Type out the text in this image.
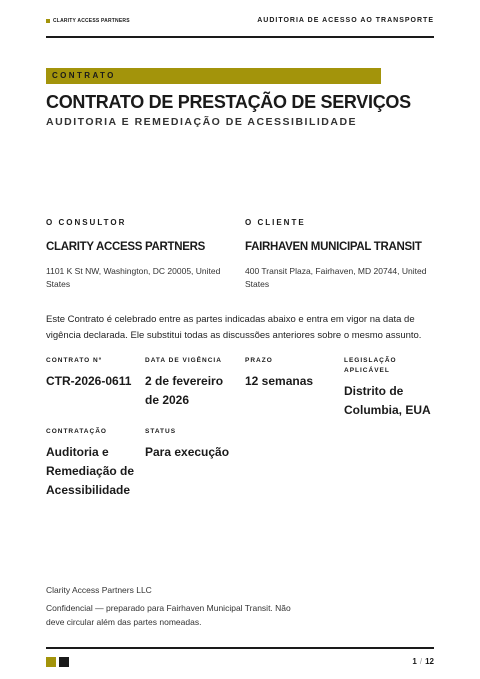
CLARITY ACCESS PARTNERS	AUDITORIA DE ACESSO AO TRANSPORTE
CONTRATO
CONTRATO DE PRESTAÇÃO DE SERVIÇOS
AUDITORIA E REMEDIAÇÃO DE ACESSIBILIDADE
O CONSULTOR
CLARITY ACCESS PARTNERS
1101 K St NW, Washington, DC 20005, United States
O CLIENTE
FAIRHAVEN MUNICIPAL TRANSIT
400 Transit Plaza, Fairhaven, MD 20744, United States

Este Contrato é celebrado entre as partes indicadas abaixo e entra em vigor na data de vigência declarada. Ele substitui todas as discussões anteriores sobre o mesmo assunto.

CONTRATO Nº
CTR-2026-0611
DATA DE VIGÊNCIA
2 de fevereiro de 2026
PRAZO
12 semanas
LEGISLAÇÃO APLICÁVEL
Distrito de Columbia, EUA
CONTRATAÇÃO
Auditoria e Remediação de Acessibilidade
STATUS
Para execução
Clarity Access Partners LLC
Confidencial — preparado para Fairhaven Municipal Transit. Não deve circular além das partes nomeadas.
1 / 12
